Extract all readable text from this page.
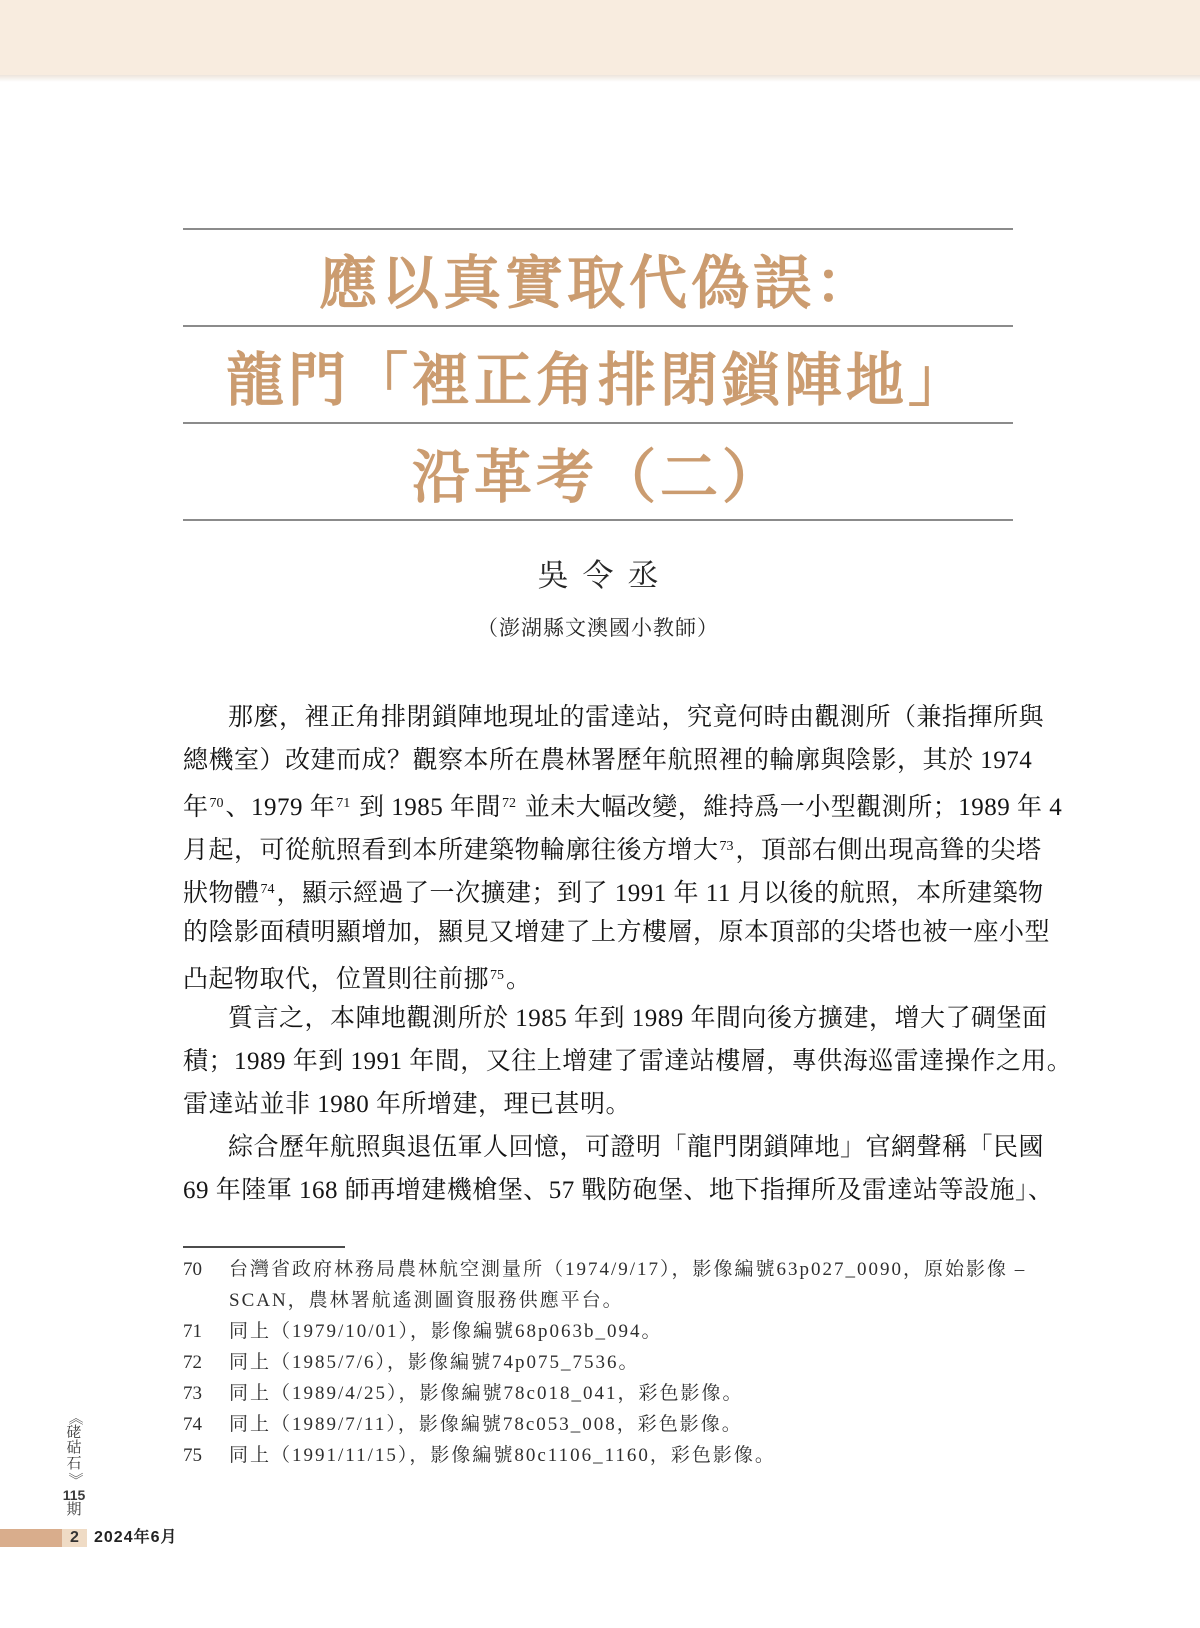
應以真實取代偽誤：
龍門「裡正角排閉鎖陣地」
沿革考（二）
吳令丞
（澎湖縣文澳國小教師）
那麼，裡正角排閉鎖陣地現址的雷達站，究竟何時由觀測所（兼指揮所與
總機室）改建而成？觀察本所在農林署歷年航照裡的輪廓與陰影，其於 1974
年$^{70}$、1979 年$^{71}$ 到 1985 年間$^{72}$ 並未大幅改變，維持爲一小型觀測所；1989 年 4
月起，可從航照看到本所建築物輪廓往後方增大$^{73}$，頂部右側出現高聳的尖塔
狀物體$^{74}$，顯示經過了一次擴建；到了 1991 年 11 月以後的航照，本所建築物
的陰影面積明顯增加，顯見又增建了上方樓層，原本頂部的尖塔也被一座小型
凸起物取代，位置則往前挪$^{75}$。
質言之，本陣地觀測所於 1985 年到 1989 年間向後方擴建，增大了碉堡面
積；1989 年到 1991 年間，又往上增建了雷達站樓層，專供海巡雷達操作之用。
雷達站並非 1980 年所增建，理已甚明。
綜合歷年航照與退伍軍人回憶，可證明「龍門閉鎖陣地」官網聲稱「民國
69 年陸軍 168 師再增建機槍堡、57 戰防砲堡、地下指揮所及雷達站等設施」、
70	台灣省政府林務局農林航空測量所（1974/9/17），影像編號63p027_0090，原始影像 –
SCAN，農林署航遙測圖資服務供應平台。
71	同上（1979/10/01），影像編號68p063b_094。
72	同上（1985/7/6），影像編號74p075_7536。
73	同上（1989/4/25），影像編號78c018_041，彩色影像。
74	同上（1989/7/11），影像編號78c053_008，彩色影像。
75	同上（1991/11/15），影像編號80c1106_1160，彩色影像。
《
硓
𥑮
石
》
115
期
2 2024年6月
